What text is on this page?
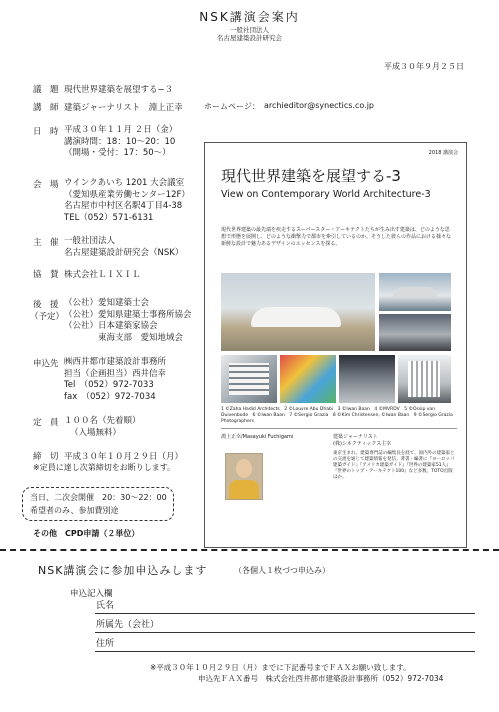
NSK講演会案内
一般社団法人
名古屋建築設計研究会
平成３０年９月２５日
議　題 現代世界建築を展望する−３
講　師 建築ジャーナリスト　淵上正幸	ホームページ： archieditor@synectics.co.jp
日　時 平成３０年１１月 ２日（金）
講演時間：18：10〜20：10
（開場・受付：17：50〜）
会　場 ウインクあいち 1201 大会議室
（愛知県産業労働センター12F）
名古屋市中村区名駅4丁目4-38
TEL（052）571-6131
主　催 一般社団法人
名古屋建築設計研究会（NSK）
協　賛 株式会社ＬＩＸＩＬ
後　援
（予定）
（公社）愛知建築士会
（公社）愛知県建築士事務所協会
（公社）日本建築家協会
　　　　東海支部　愛知地域会
申込先 ㈱西井都市建築設計事務所
担当（企画担当）西井信幸
Tel　（052）972-7033
fax　（052）972-7034
定　員 １００名（先着順）
（入場無料）
締　切 平成３０年１０月２９日（月）
※定員に達し次第締切をお断りします。
当日、二次会開催　20：30〜22：00
希望者のみ、参加費別途
その他　CPD申請（２単位）
2018 講演会
現代世界建築を展望する-3
View on Contemporary World Architecture-3
現代世界建築の最先端を疾走するスーパースター・アーキテクトたちが生み出す建築は、どのような思想で形態を展開し、どのような衝撃力で都市を牽引しているのか。そうした彼らの作品における様々な新鮮な設計で魅力あるデザインのエッセンスを探る。
1 ©Zaha Hadid Architects　2 ©Louvre Abu Dhabi　3 ©Iwan Baan　4 ©MVRDV　5 ©Ossip van Duivenbode　6 ©Iwan Baan　7 ©Sergio Grazia　8 ©Kim Christensen, ©Iwan Baan　9 ©Sergio Grazia Photographers
淵上正幸/Masayuki Fuchigami	建築ジャーナリスト
(株)シネクティックス主宰
東京生まれ。建築専門誌の編集長を経て、国内外の建築家との交流を通じて建築情報を発信。著書・編著に『ヨーロッパ建築ガイド』『アメリカ建築ガイド』『世界の建築家51人』『世界のトップ・アーキテクト100』など多数。TOTO出版ほか。
NSK講演会に参加申込みします	（各個人１枚づつ申込み）
申込記入欄
氏名
所属先（会社）
住所
※平成３０年１０月２９日（月）までに下記番号までＦＡＸお願い致します。
申込先ＦＡＸ番号　株式会社西井都市建築設計事務所（052）972-7034
